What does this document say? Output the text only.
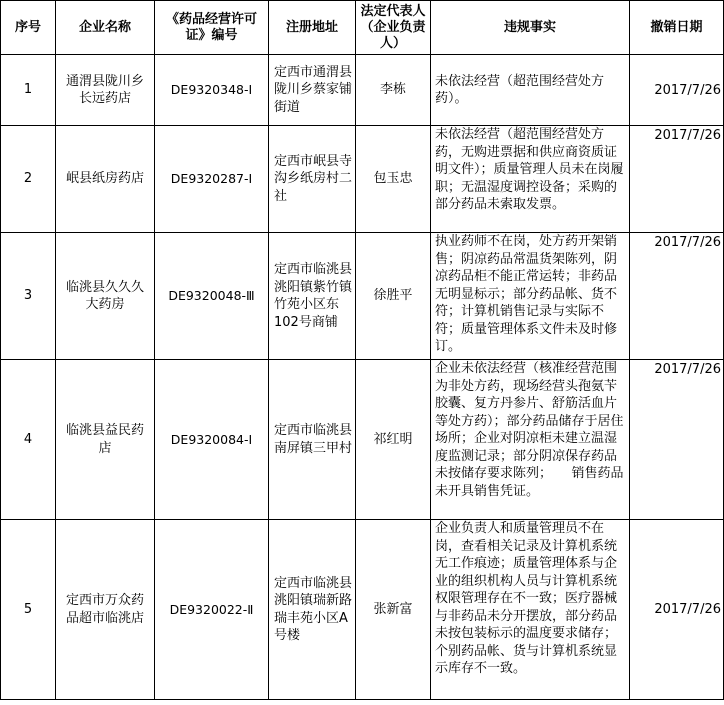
序号	企业名称	《药品经营许可证》编号	注册地址	法定代表人（企业负责人）	违规事实	撤销日期
1	通渭县陇川乡长远药店	DE9320348-Ⅰ	定西市通渭县陇川乡蔡家铺街道	李栋	未依法经营（超范围经营处方药）。	2017/7/26
2	岷县纸房药店	DE9320287-Ⅰ	定西市岷县寺沟乡纸房村二社	包玉忠	未依法经营（超范围经营处方药，无购进票据和供应商资质证明文件）；质量管理人员未在岗履职；无温湿度调控设备；采购的部分药品未索取发票。	2017/7/26
3	临洮县久久久大药房	DE9320048-Ⅲ	定西市临洮县洮阳镇紫竹镇竹苑小区东102号商铺	徐胜平	执业药师不在岗，处方药开架销售；阴凉药品常温货架陈列，阴凉药品柜不能正常运转；非药品无明显标示；部分药品帐、货不符；计算机销售记录与实际不符；质量管理体系文件未及时修订。	2017/7/26
4	临洮县益民药店	DE9320084-Ⅰ	定西市临洮县南屏镇三甲村	祁红明	企业未依法经营（核准经营范围为非处方药，现场经营头孢氨苄胶囊、复方丹参片、舒筋活血片等处方药）；部分药品储存于居住场所；企业对阴凉柜未建立温湿度监测记录；部分阴凉保存药品未按储存要求陈列；　　销售药品未开具销售凭证。	2017/7/26
5	定西市万众药品超市临洮店	DE9320022-Ⅱ	定西市临洮县洮阳镇瑞新路瑞丰苑小区A号楼	张新富	企业负责人和质量管理员不在岗，查看相关记录及计算机系统无工作痕迹；质量管理体系与企业的组织机构人员与计算机系统权限管理存在不一致；医疗器械与非药品未分开摆放，部分药品未按包装标示的温度要求储存；个别药品帐、货与计算机系统显示库存不一致。	2017/7/26
